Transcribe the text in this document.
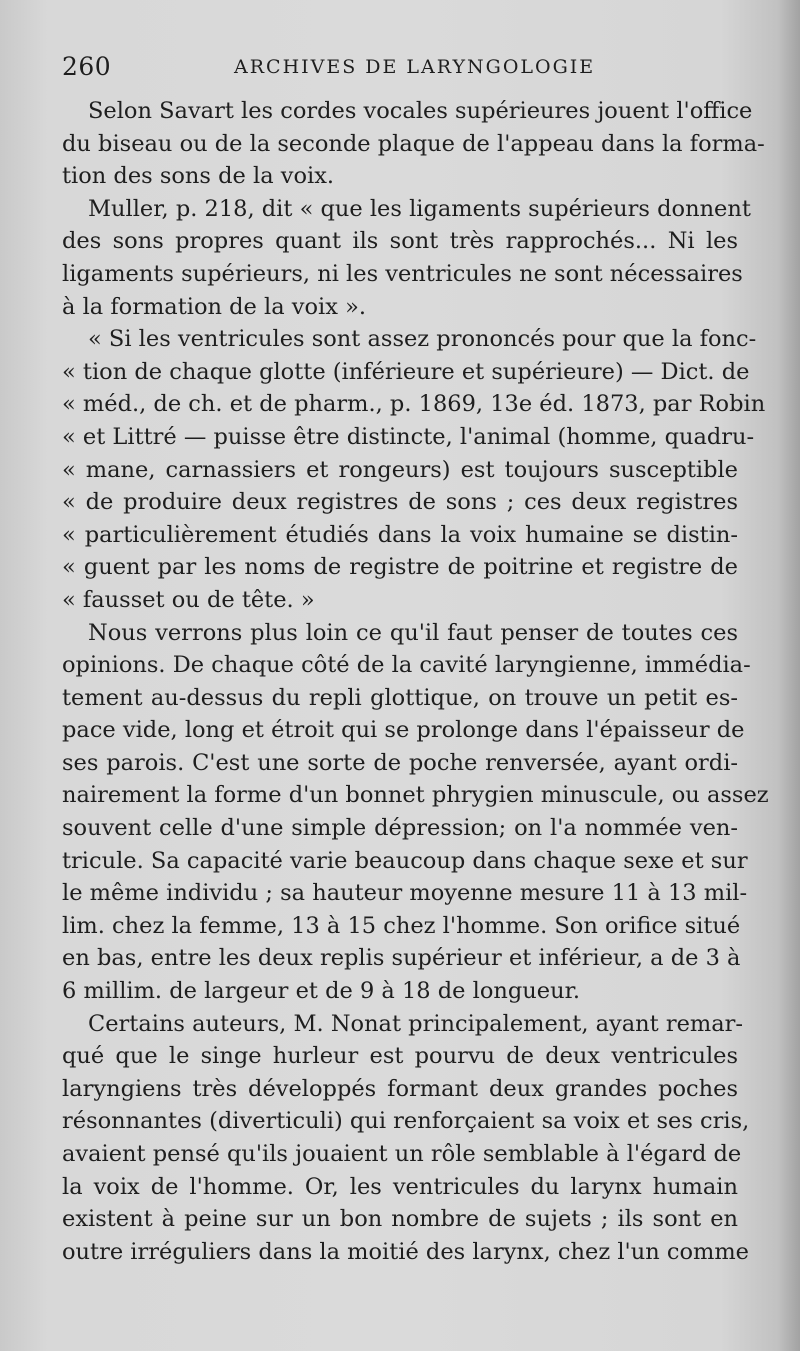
260	ARCHIVES DE LARYNGOLOGIE
Selon Savart les cordes vocales supérieures jouent l'office
du biseau ou de la seconde plaque de l'appeau dans la forma-
tion des sons de la voix.
Muller, p. 218, dit « que les ligaments supérieurs donnent
des sons propres quant ils sont très rapprochés... Ni les
ligaments supérieurs, ni les ventricules ne sont nécessaires
à la formation de la voix ».
« Si les ventricules sont assez prononcés pour que la fonc-
« tion de chaque glotte (inférieure et supérieure) — Dict. de
« méd., de ch. et de pharm., p. 1869, 13e éd. 1873, par Robin
« et Littré — puisse être distincte, l'animal (homme, quadru-
« mane, carnassiers et rongeurs) est toujours susceptible
« de produire deux registres de sons ; ces deux registres
« particulièrement étudiés dans la voix humaine se distin-
« guent par les noms de registre de poitrine et registre de
« fausset ou de tête. »
Nous verrons plus loin ce qu'il faut penser de toutes ces
opinions. De chaque côté de la cavité laryngienne, immédia-
tement au-dessus du repli glottique, on trouve un petit es-
pace vide, long et étroit qui se prolonge dans l'épaisseur de
ses parois. C'est une sorte de poche renversée, ayant ordi-
nairement la forme d'un bonnet phrygien minuscule, ou assez
souvent celle d'une simple dépression; on l'a nommée ven-
tricule. Sa capacité varie beaucoup dans chaque sexe et sur
le même individu ; sa hauteur moyenne mesure 11 à 13 mil-
lim. chez la femme, 13 à 15 chez l'homme. Son orifice situé
en bas, entre les deux replis supérieur et inférieur, a de 3 à
6 millim. de largeur et de 9 à 18 de longueur.
Certains auteurs, M. Nonat principalement, ayant remar-
qué que le singe hurleur est pourvu de deux ventricules
laryngiens très développés formant deux grandes poches
résonnantes (diverticuli) qui renforçaient sa voix et ses cris,
avaient pensé qu'ils jouaient un rôle semblable à l'égard de
la voix de l'homme. Or, les ventricules du larynx humain
existent à peine sur un bon nombre de sujets ; ils sont en
outre irréguliers dans la moitié des larynx, chez l'un comme
